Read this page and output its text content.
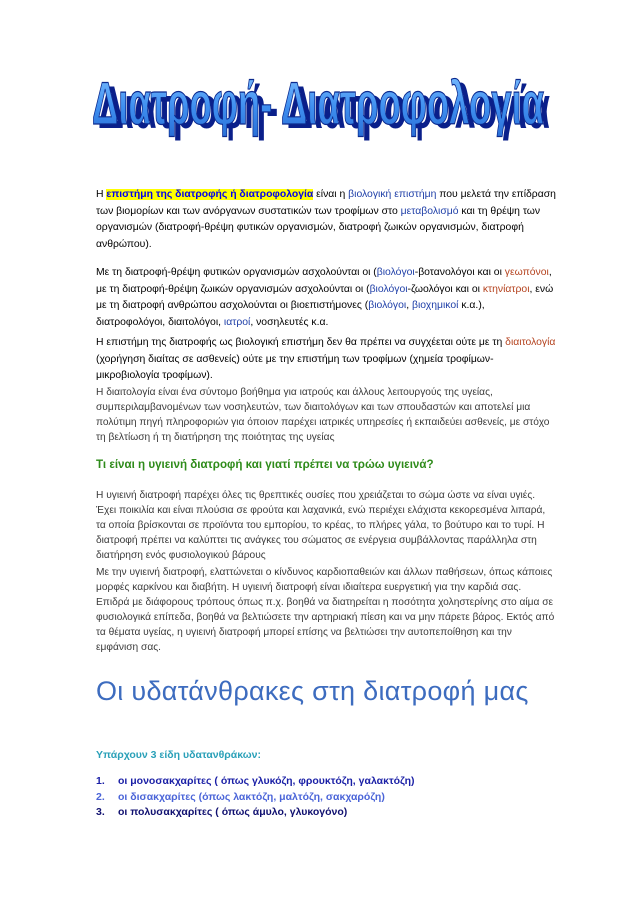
Διατροφή- Διατροφολογία
Διατροφή- Διατροφολογία

Η επιστήμη της διατροφής ή διατροφολογία είναι η βιολογική επιστήμη που μελετά την επίδραση των βιομορίων και των ανόργανων συστατικών των τροφίμων στο μεταβολισμό και τη θρέψη των οργανισμών (διατροφή-θρέψη φυτικών οργανισμών, διατροφή ζωικών οργανισμών, διατροφή ανθρώπου).

Με τη διατροφή-θρέψη φυτικών οργανισμών ασχολούνται οι (βιολόγοι-βοτανολόγοι και οι γεωπόνοι, με τη διατροφή-θρέψη ζωικών οργανισμών ασχολούνται οι (βιολόγοι-ζωολόγοι και οι κτηνίατροι, ενώ με τη διατροφή ανθρώπου ασχολούνται οι βιοεπιστήμονες (βιολόγοι, βιοχημικοί κ.α.), διατροφολόγοι, διαιτολόγοι, ιατροί, νοσηλευτές κ.α.

Η επιστήμη της διατροφής ως βιολογική επιστήμη δεν θα πρέπει να συγχέεται ούτε με τη διαιτολογία (χορήγηση διαίτας σε ασθενείς) ούτε με την επιστήμη των τροφίμων (χημεία τροφίμων-μικροβιολογία τροφίμων).

Η διαιτολογία είναι ένα σύντομο βοήθημα για ιατρούς και άλλους λειτουργούς της υγείας, συμπεριλαμβανομένων των νοσηλευτών, των διαιτολόγων και των σπουδαστών και αποτελεί μια πολύτιμη πηγή πληροφοριών για όποιον παρέχει ιατρικές υπηρεσίες ή εκπαιδεύει ασθενείς, με στόχο τη βελτίωση ή τη διατήρηση της ποιότητας της υγείας

Τι είναι η υγιεινή διατροφή και γιατί πρέπει να τρώω υγιεινά?

Η υγιεινή διατροφή παρέχει όλες τις θρεπτικές ουσίες που χρειάζεται το σώμα ώστε να είναι υγιές. Έχει ποικιλία και είναι πλούσια σε φρούτα και λαχανικά, ενώ περιέχει ελάχιστα κεκορεσμένα λιπαρά, τα οποία βρίσκονται σε προϊόντα του εμπορίου, το κρέας, το πλήρες γάλα, το βούτυρο και το τυρί. Η διατροφή πρέπει να καλύπτει τις ανάγκες του σώματος σε ενέργεια συμβάλλοντας παράλληλα στη διατήρηση ενός φυσιολογικού βάρους

Με την υγιεινή διατροφή, ελαττώνεται ο κίνδυνος καρδιοπαθειών και άλλων παθήσεων, όπως κάποιες μορφές καρκίνου και διαβήτη. Η υγιεινή διατροφή είναι ιδιαίτερα ευεργετική για την καρδιά σας. Επιδρά με διάφορους τρόπους όπως π.χ. βοηθά να διατηρείται η ποσότητα χοληστερίνης στο αίμα σε φυσιολογικά επίπεδα, βοηθά να βελτιώσετε την αρτηριακή πίεση και να μην πάρετε βάρος. Εκτός από τα θέματα υγείας, η υγιεινή διατροφή μπορεί επίσης να βελτιώσει την αυτοπεποίθηση και την εμφάνιση σας.

Οι υδατάνθρακες στη διατροφή μας

Υπάρχουν 3 είδη υδατανθράκων:

1.	οι μονοσακχαρίτες ( όπως γλυκόζη, φρουκτόζη, γαλακτόζη)
2.	οι δισακχαρίτες (όπως λακτόζη, μαλτόζη, σακχαρόζη)
3.	οι πολυσακχαρίτες ( όπως άμυλο, γλυκογόνο)
